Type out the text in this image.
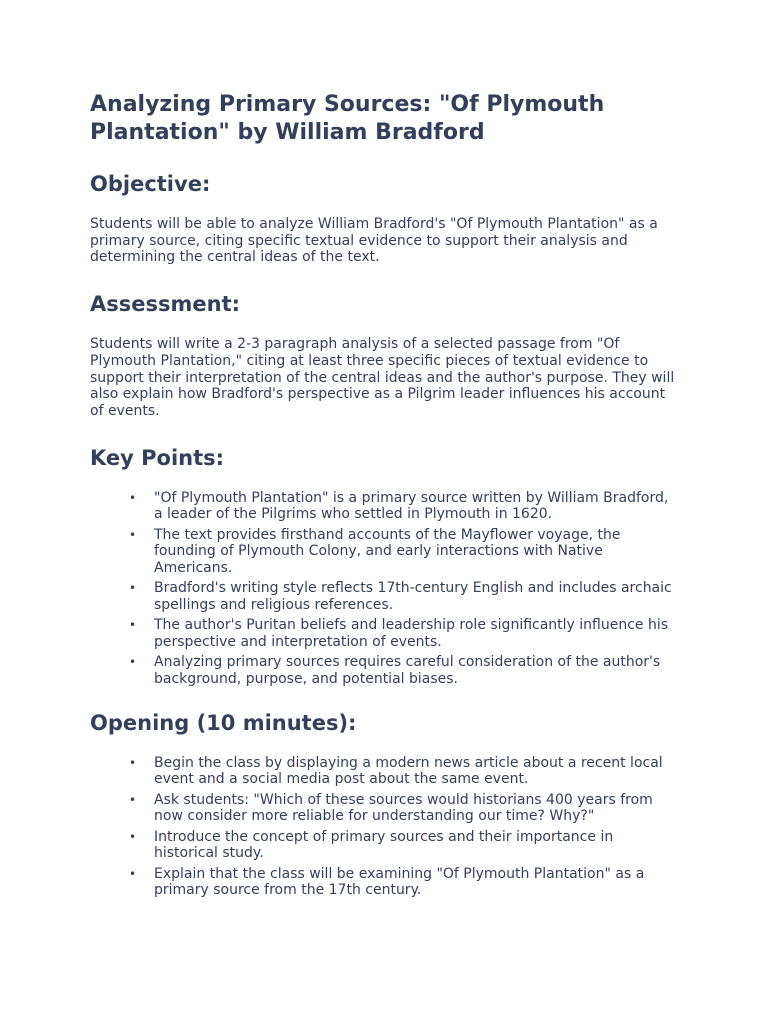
Analyzing Primary Sources: "Of Plymouth Plantation" by William Bradford
Objective:

Students will be able to analyze William Bradford's "Of Plymouth Plantation" as a primary source, citing specific textual evidence to support their analysis and determining the central ideas of the text.

Assessment:

Students will write a 2-3 paragraph analysis of a selected passage from "Of Plymouth Plantation," citing at least three specific pieces of textual evidence to support their interpretation of the central ideas and the author's purpose. They will also explain how Bradford's perspective as a Pilgrim leader influences his account of events.

Key Points:
• "Of Plymouth Plantation" is a primary source written by William Bradford, a leader of the Pilgrims who settled in Plymouth in 1620.
• The text provides firsthand accounts of the Mayflower voyage, the founding of Plymouth Colony, and early interactions with Native Americans.
• Bradford's writing style reflects 17th-century English and includes archaic spellings and religious references.
• The author's Puritan beliefs and leadership role significantly influence his perspective and interpretation of events.
• Analyzing primary sources requires careful consideration of the author's background, purpose, and potential biases.
Opening (10 minutes):
• Begin the class by displaying a modern news article about a recent local event and a social media post about the same event.
• Ask students: "Which of these sources would historians 400 years from now consider more reliable for understanding our time? Why?"
• Introduce the concept of primary sources and their importance in historical study.
• Explain that the class will be examining "Of Plymouth Plantation" as a primary source from the 17th century.
